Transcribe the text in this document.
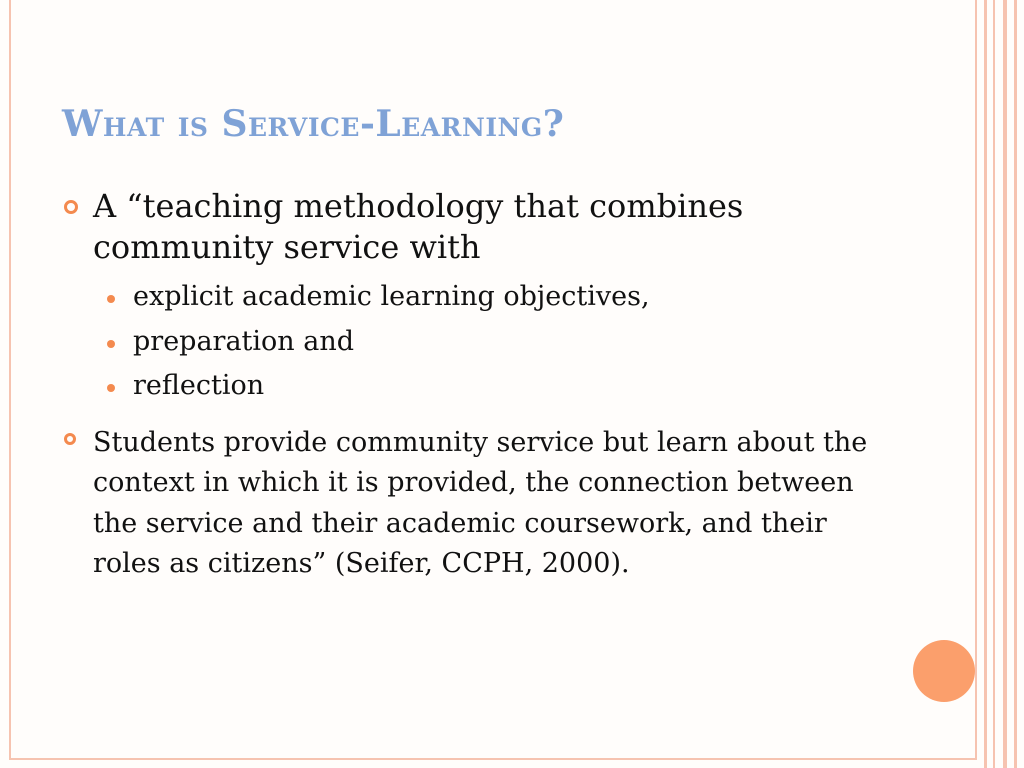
What is Service-Learning?

A “teaching methodology that combines community service with

explicit academic learning objectives,
preparation and
reflection

Students provide community service but learn about the context in which it is provided, the connection between the service and their academic coursework, and their roles as citizens” (Seifer, CCPH, 2000).
